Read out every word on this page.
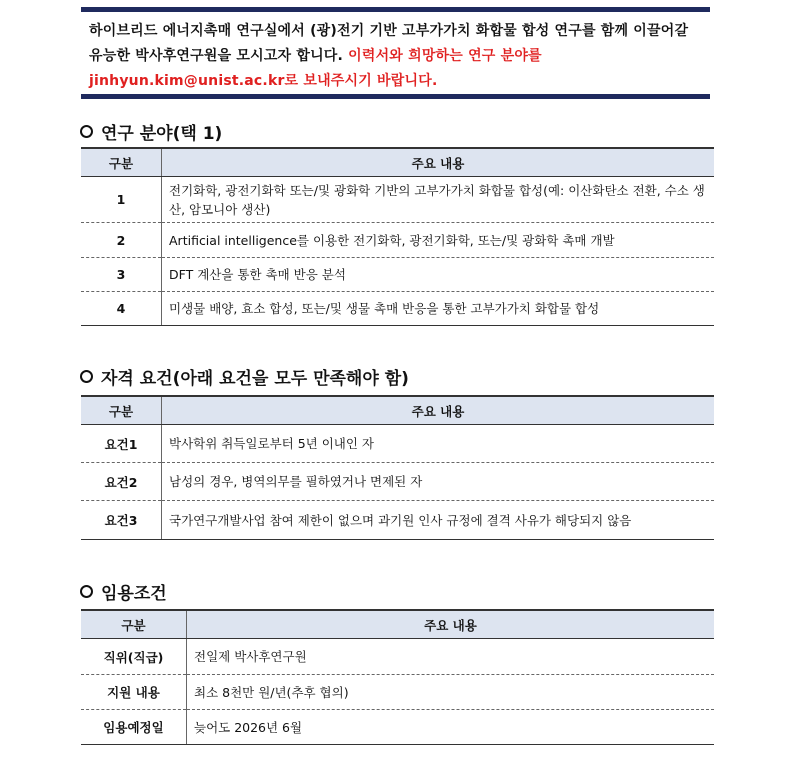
하이브리드 에너지촉매 연구실에서 (광)전기 기반 고부가가치 화합물 합성 연구를 함께 이끌어갈 유능한 박사후연구원을 모시고자 합니다. 이력서와 희망하는 연구 분야를 jinhyun.kim@unist.ac.kr로 보내주시기 바랍니다.
연구 분야(택 1)
구분	주요 내용
1	전기화학, 광전기화학 또는/및 광화학 기반의 고부가가치 화합물 합성(예: 이산화탄소 전환, 수소 생산, 암모니아 생산)
2	Artificial intelligence를 이용한 전기화학, 광전기화학, 또는/및 광화학 촉매 개발
3	DFT 계산을 통한 촉매 반응 분석
4	미생물 배양, 효소 합성, 또는/및 생물 촉매 반응을 통한 고부가가치 화합물 합성
자격 요건(아래 요건을 모두 만족해야 함)
구분	주요 내용
요건1	박사학위 취득일로부터 5년 이내인 자
요건2	남성의 경우, 병역의무를 필하였거나 면제된 자
요건3	국가연구개발사업 참여 제한이 없으며 과기원 인사 규정에 결격 사유가 해당되지 않음
임용조건
구분	주요 내용
직위(직급)	전일제 박사후연구원
지원 내용	최소 8천만 원/년(추후 협의)
임용예정일	늦어도 2026년 6월
